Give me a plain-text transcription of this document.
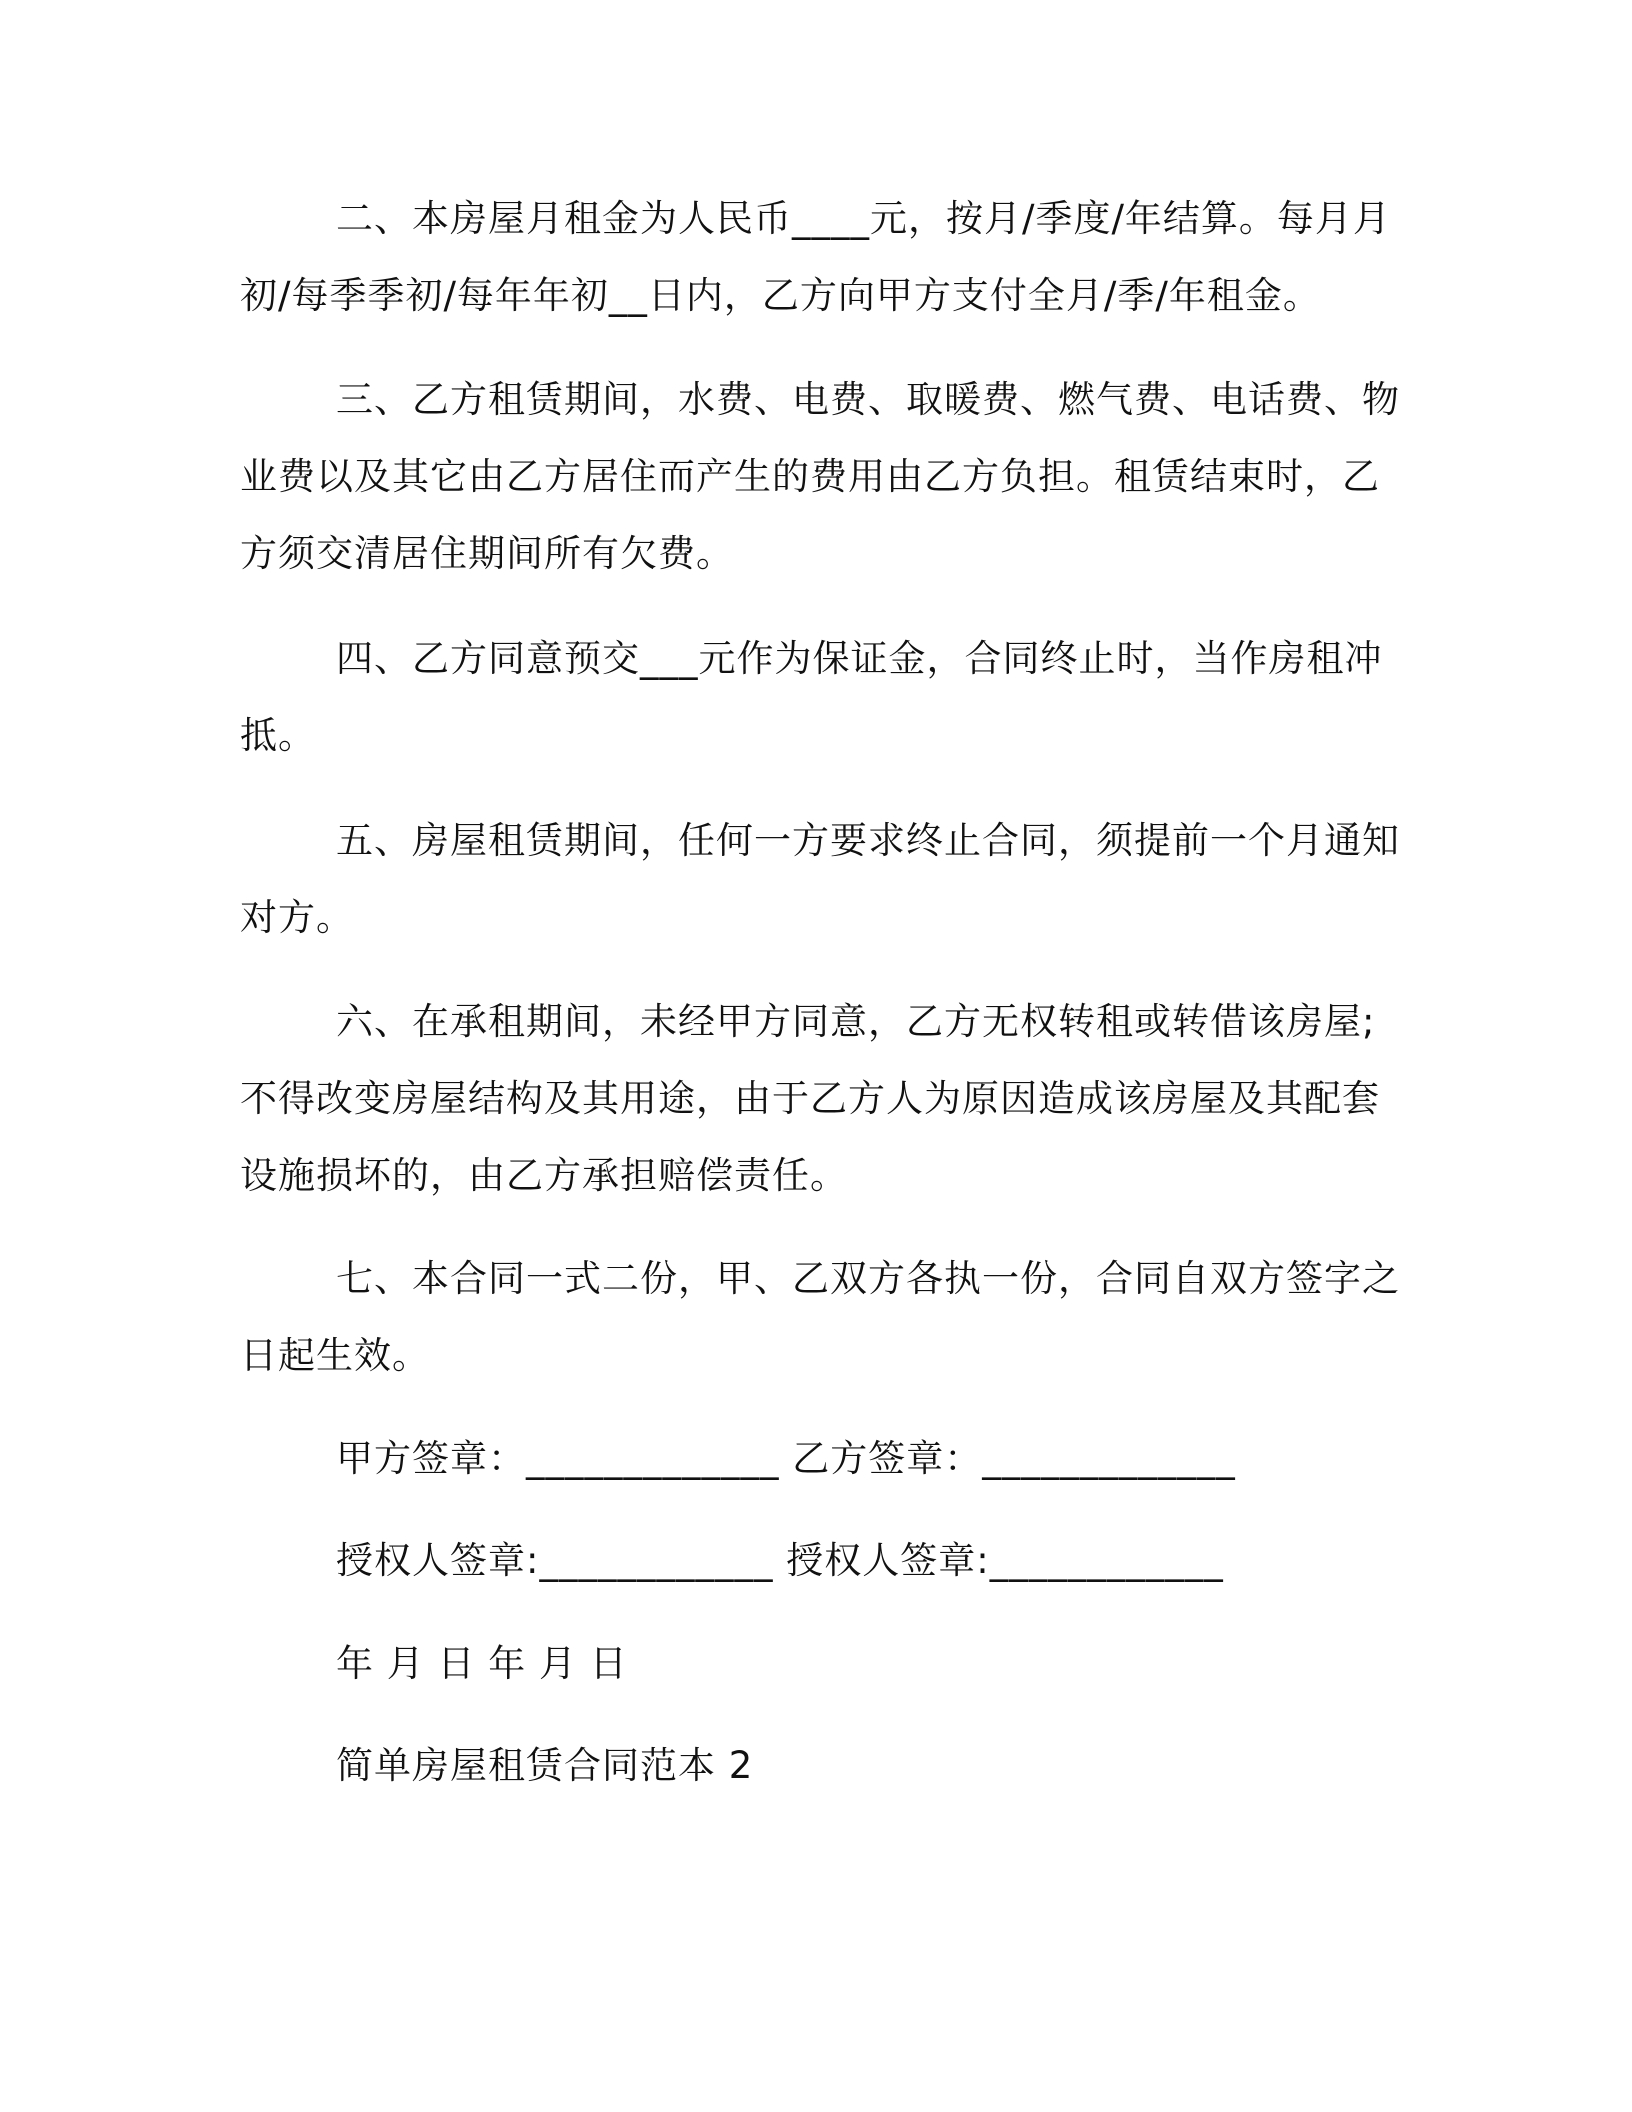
二、本房屋月租金为人民币____元，按月/季度/年结算。每月月初/每季季初/每年年初__日内，乙方向甲方支付全月/季/年租金。

三、乙方租赁期间，水费、电费、取暖费、燃气费、电话费、物业费以及其它由乙方居住而产生的费用由乙方负担。租赁结束时，乙方须交清居住期间所有欠费。

四、乙方同意预交___元作为保证金，合同终止时，当作房租冲抵。

五、房屋租赁期间，任何一方要求终止合同，须提前一个月通知对方。

六、在承租期间，未经甲方同意，乙方无权转租或转借该房屋;不得改变房屋结构及其用途，由于乙方人为原因造成该房屋及其配套设施损坏的，由乙方承担赔偿责任。

七、本合同一式二份，甲、乙双方各执一份，合同自双方签字之日起生效。

甲方签章：_____________ 乙方签章：_____________

授权人签章:____________ 授权人签章:____________

年 月 日 年 月 日

简单房屋租赁合同范本 2
